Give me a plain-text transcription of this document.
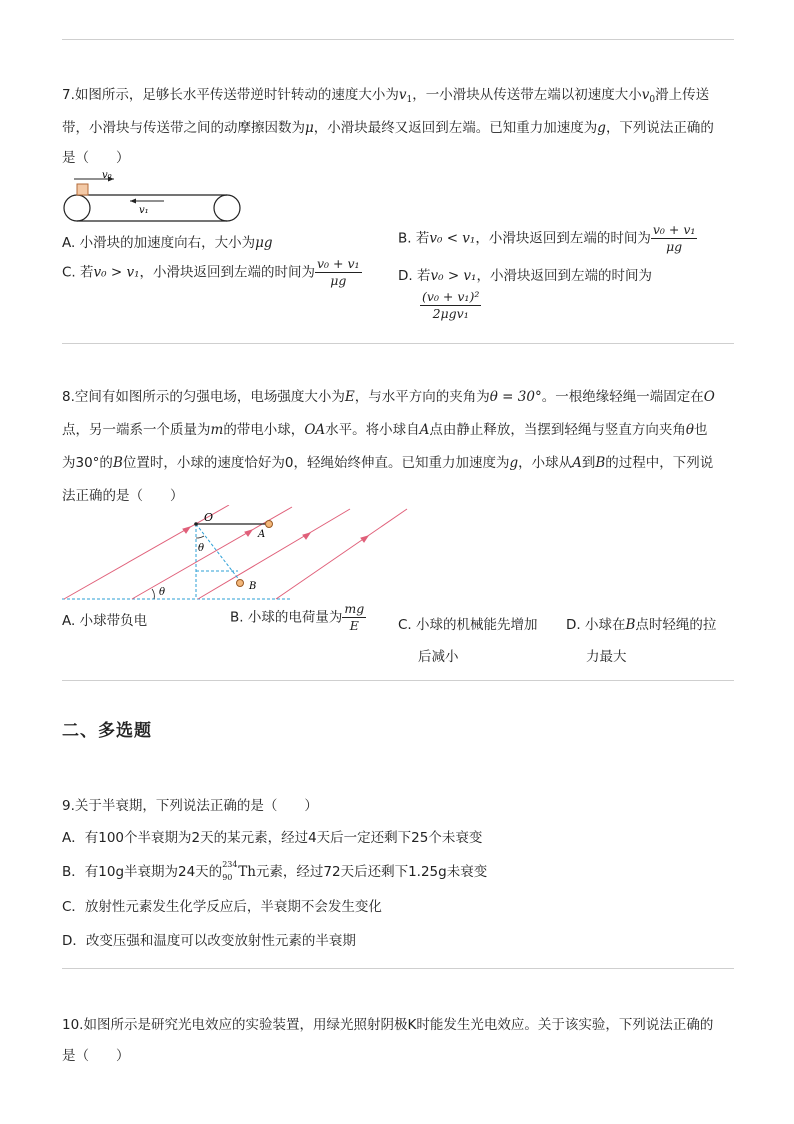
7.如图所示，足够长水平传送带逆时针转动的速度大小为$v_1$，一小滑块从传送带左端以初速度大小$v_0$滑上传送
带，小滑块与传送带之间的动摩擦因数为μ，小滑块最终又返回到左端。已知重力加速度为g，下列说法正确的
是（　　）
v₀
v₁
A. 小滑块的加速度向右，大小为μg	B. 若v₀ < v₁，小滑块返回到左端的时间为 $\frac{\text{v₀ + v₁}}{\mu g}$
C. 若v₀ > v₁，小滑块返回到左端的时间为 $\frac{\text{v₀ + v₁}}{\mu g}$	D. 若v₀ > v₁，小滑块返回到左端的时间为
$\frac{\text{(v₀ + v₁)²}}{\text{2μgv₁}}$
8.空间有如图所示的匀强电场，电场强度大小为E，与水平方向的夹角为θ = 30°。一根绝缘轻绳一端固定在O
点，另一端系一个质量为m的带电小球，OA水平。将小球自A点由静止释放，当摆到轻绳与竖直方向夹角θ也
为30°的B位置时，小球的速度恰好为0，轻绳始终伸直。已知重力加速度为g，小球从A到B的过程中，下列说
法正确的是（　　）
O
A
B
θ
θ
A. 小球带负电	B. 小球的电荷量为 $\frac{mg}{E} C$. 小球的机械能先增加
后减小
D. 小球在B点时轻绳的拉
力最大
二、多选题
9.关于半衰期，下列说法正确的是（　　）
A．有100个半衰期为2天的某元素，经过4天后一定还剩下25个未衰变
B．有10g半衰期为24天的 234
90 Th元素，经过72天后还剩下1.25g未衰变
C．放射性元素发生化学反应后，半衰期不会发生变化
D．改变压强和温度可以改变放射性元素的半衰期
10.如图所示是研究光电效应的实验装置，用绿光照射阴极K时能发生光电效应。关于该实验，下列说法正确的
是（　　）
